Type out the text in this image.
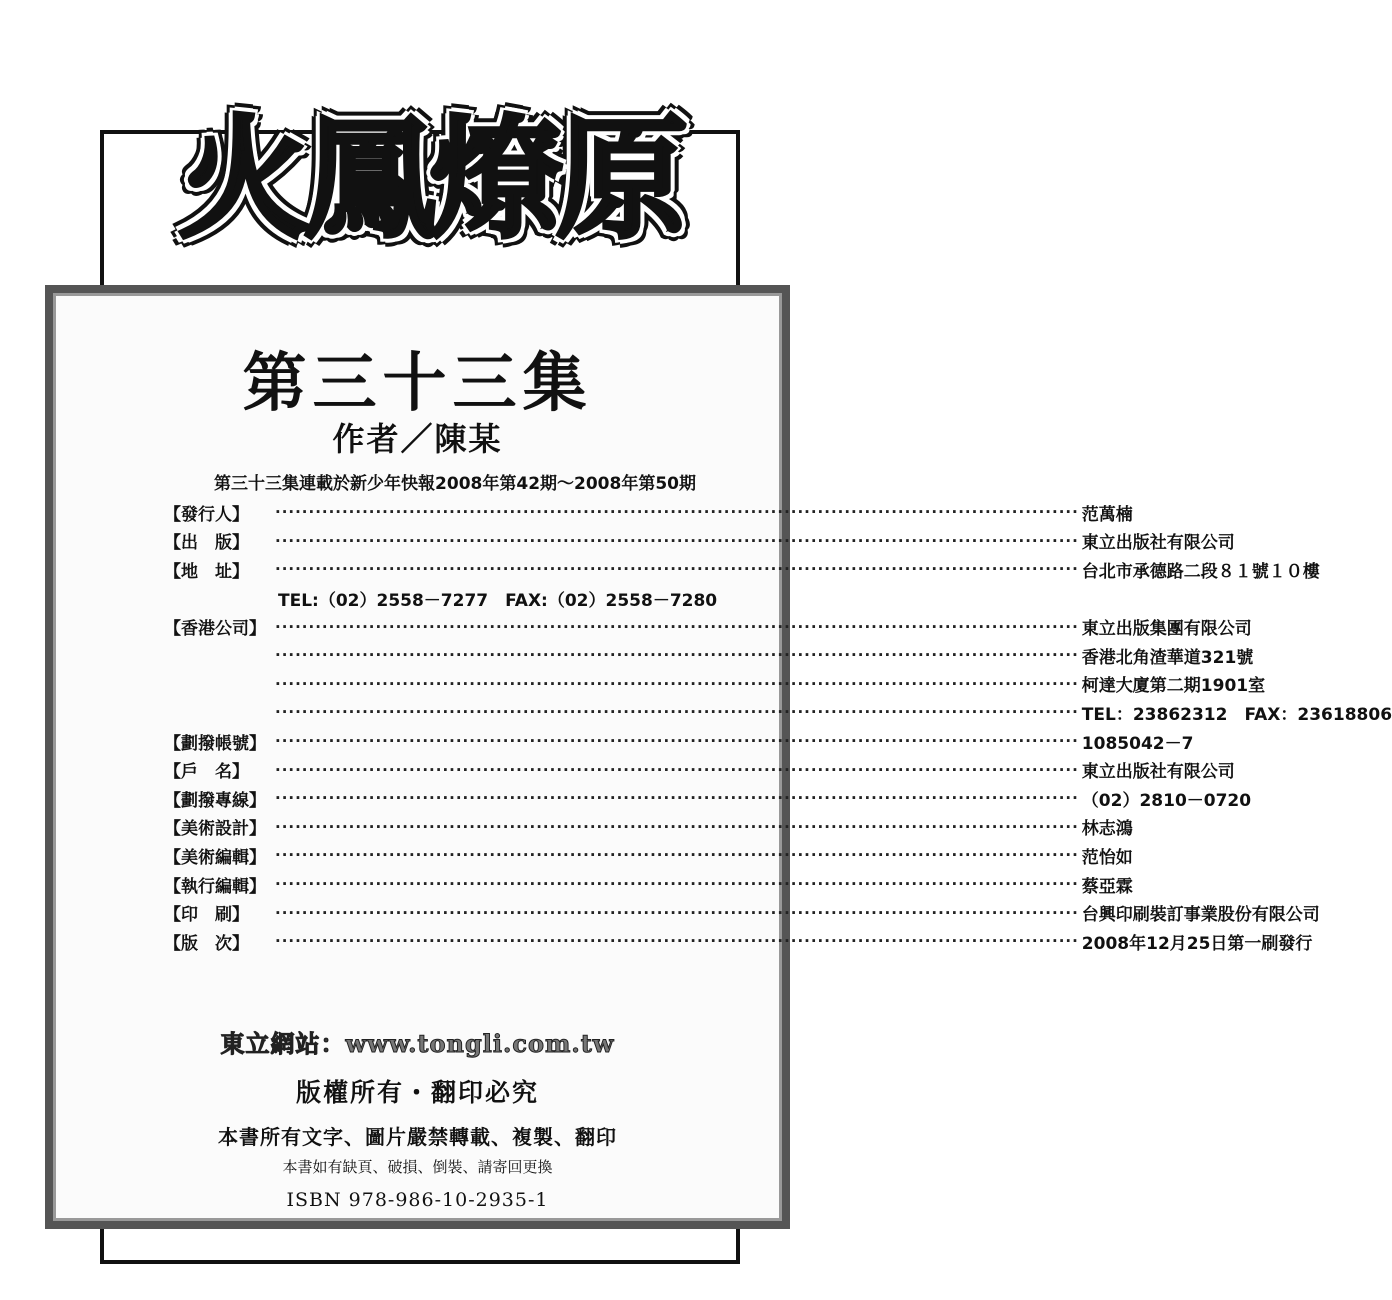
火鳳燎原
第三十三集
作者／陳某
第三十三集連載於新少年快報2008年第42期～2008年第50期
【發行人】	························································································································ 范萬楠
【出　版】	························································································································ 東立出版社有限公司
【地　址】	························································································································ 台北市承德路二段８１號１０樓
TEL:（02）2558－7277　FAX:（02）2558－7280
【香港公司】 ························································································································ 東立出版集團有限公司
························································································································ 香港北角渣華道321號
························································································································ 柯達大廈第二期1901室
························································································································ TEL：23862312　FAX：23618806
【劃撥帳號】 ························································································································ 1085042－7
【戶　名】	························································································································ 東立出版社有限公司
【劃撥專線】 ························································································································ （02）2810－0720
【美術設計】 ························································································································ 林志鴻
【美術編輯】 ························································································································ 范怡如
【執行編輯】 ························································································································ 蔡亞霖
【印　刷】	························································································································ 台興印刷裝訂事業股份有限公司
【版　次】	························································································································ 2008年12月25日第一刷發行
東立網站：www.tongli.com.tw
版權所有・翻印必究
本書所有文字、圖片嚴禁轉載、複製、翻印
本書如有缺頁、破損、倒裝、請寄回更換
ISBN 978-986-10-2935-1
